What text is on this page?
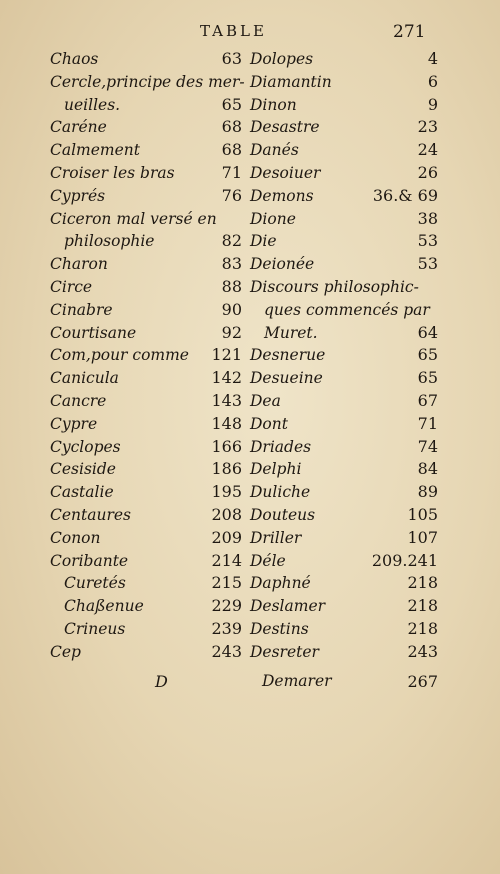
TABLE	271
Chaos	63
Cercle,principe des mer-
ueilles.	65
Caréne	68
Calmement	68
Croiser les bras	71
Cyprés	76
Ciceron mal versé en
philosophie	82
Charon	83
Circe	88
Cinabre	90
Courtisane	92
Com,pour comme 121
Canicula	142
Cancre	143
Cypre	148
Cyclopes	166
Cesiside	186
Castalie	195
Centaures	208
Conon	209
Coribante	214
Curetés	215
Chaßenue	229
Crineus	239
Cep	243
Dolopes	4
Diamantin	6
Dinon	9
Desastre	23
Danés	24
Desoiuer	26
Demons	36.& 69
Dione	38
Die	53
Deionée	53
Discours philosophic-
ques commencés par
Muret.	64
Desnerue	65
Desueine	65
Dea	67
Dont	71
Driades	74
Delphi	84
Duliche	89
Douteus	105
Driller	107
Déle	209.241
Daphné	218
Deslamer	218
Destins	218
Desreter	243
D	Demarer	267
